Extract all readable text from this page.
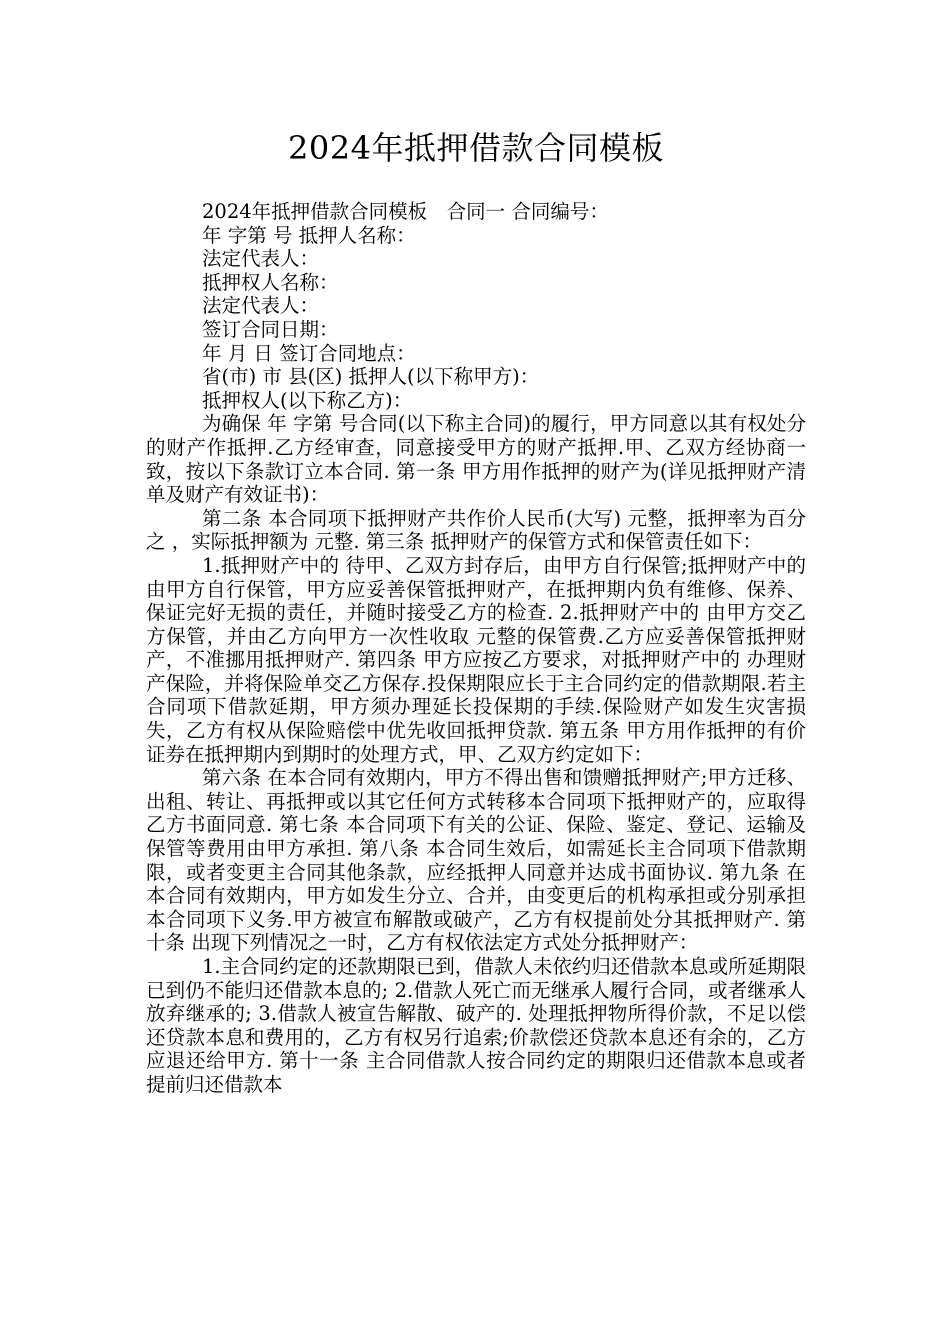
2024年抵押借款合同模板

2024年抵押借款合同模板　合同一 合同编号：

年 字第 号 抵押人名称：

法定代表人：

抵押权人名称：

法定代表人：

签订合同日期：

年 月 日 签订合同地点：

省(市) 市 县(区) 抵押人(以下称甲方)：

抵押权人(以下称乙方)：

为确保 年 字第 号合同(以下称主合同)的履行，甲方同意以其有权处分的财产作抵押.乙方经审查，同意接受甲方的财产抵押.甲、乙双方经协商一致，按以下条款订立本合同. 第一条 甲方用作抵押的财产为(详见抵押财产清单及财产有效证书)：

第二条 本合同项下抵押财产共作价人民币(大写) 元整，抵押率为百分之 ，实际抵押额为 元整. 第三条 抵押财产的保管方式和保管责任如下：

1.抵押财产中的 待甲、乙双方封存后，由甲方自行保管;抵押财产中的 由甲方自行保管，甲方应妥善保管抵押财产，在抵押期内负有维修、保养、保证完好无损的责任，并随时接受乙方的检查. 2.抵押财产中的 由甲方交乙方保管，并由乙方向甲方一次性收取 元整的保管费.乙方应妥善保管抵押财产，不准挪用抵押财产. 第四条 甲方应按乙方要求，对抵押财产中的 办理财产保险，并将保险单交乙方保存.投保期限应长于主合同约定的借款期限.若主合同项下借款延期，甲方须办理延长投保期的手续.保险财产如发生灾害损失，乙方有权从保险赔偿中优先收回抵押贷款. 第五条 甲方用作抵押的有价证券在抵押期内到期时的处理方式，甲、乙双方约定如下：

第六条 在本合同有效期内，甲方不得出售和馈赠抵押财产;甲方迁移、出租、转让、再抵押或以其它任何方式转移本合同项下抵押财产的，应取得乙方书面同意. 第七条 本合同项下有关的公证、保险、鉴定、登记、运输及保管等费用由甲方承担. 第八条 本合同生效后，如需延长主合同项下借款期限，或者变更主合同其他条款，应经抵押人同意并达成书面协议. 第九条 在本合同有效期内，甲方如发生分立、合并，由变更后的机构承担或分别承担本合同项下义务.甲方被宣布解散或破产，乙方有权提前处分其抵押财产. 第十条 出现下列情况之一时，乙方有权依法定方式处分抵押财产：

1.主合同约定的还款期限已到，借款人未依约归还借款本息或所延期限已到仍不能归还借款本息的; 2.借款人死亡而无继承人履行合同，或者继承人放弃继承的; 3.借款人被宣告解散、破产的. 处理抵押物所得价款，不足以偿还贷款本息和费用的，乙方有权另行追索;价款偿还贷款本息还有余的，乙方应退还给甲方. 第十一条 主合同借款人按合同约定的期限归还借款本息或者提前归还借款本
